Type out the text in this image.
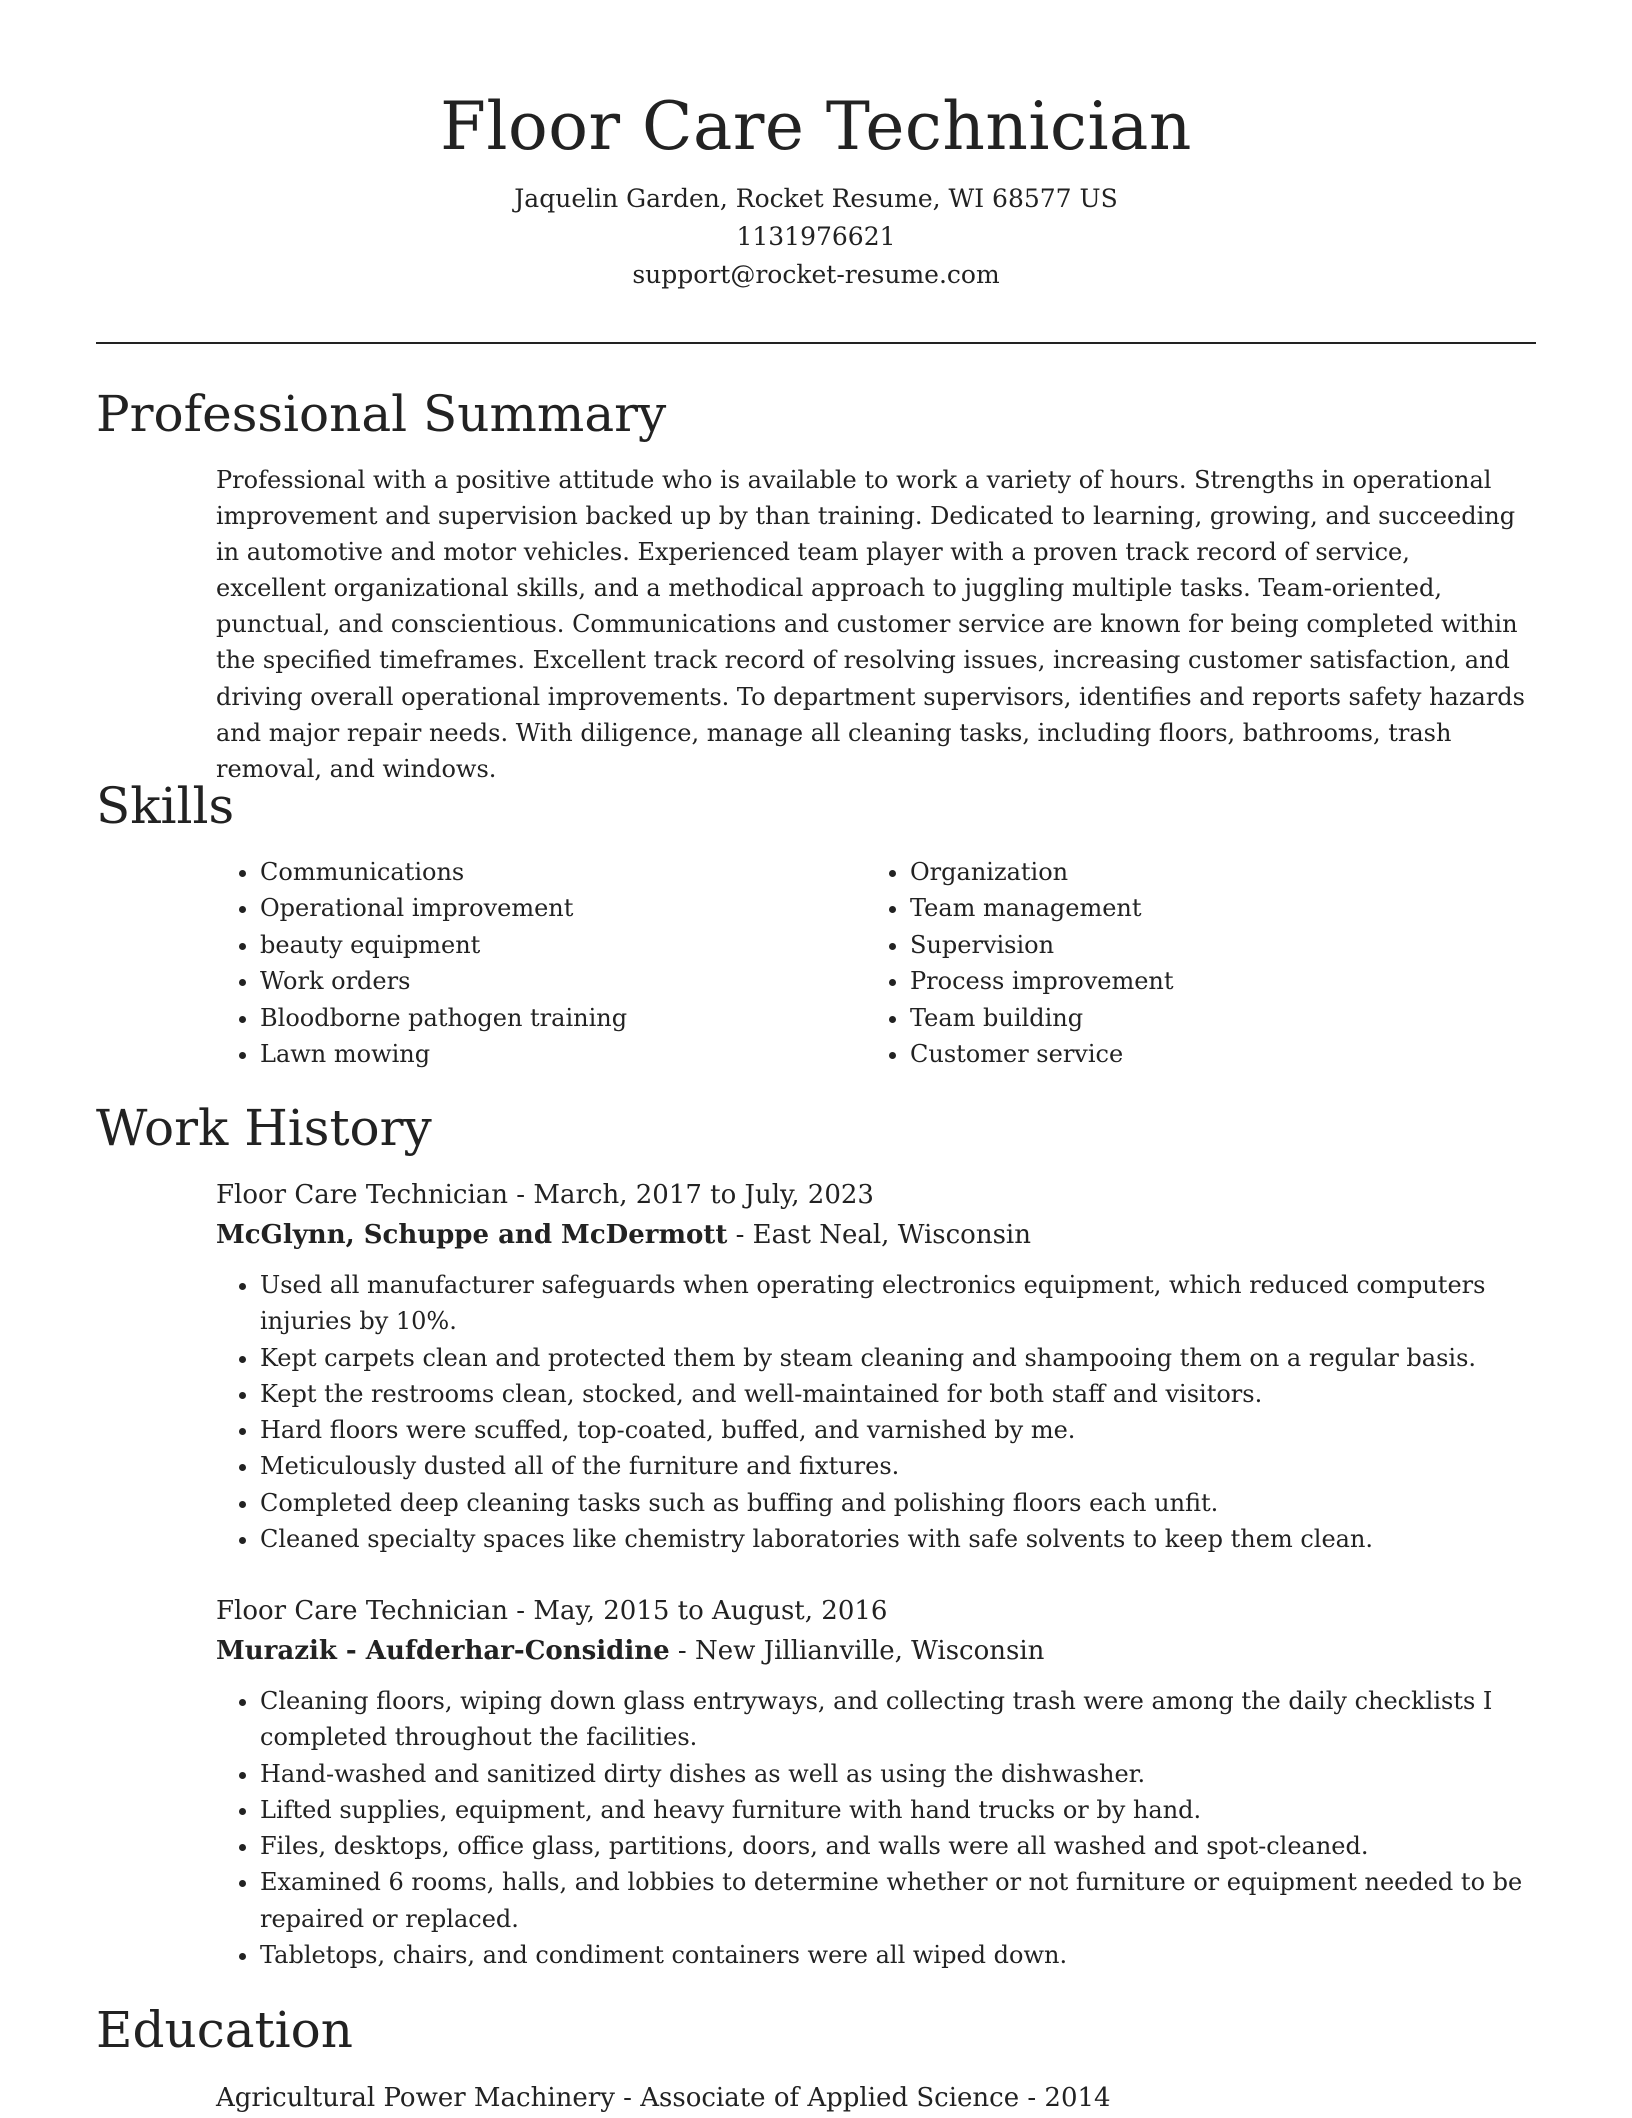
Floor Care Technician
Jaquelin Garden, Rocket Resume, WI 68577 US
1131976621
support@rocket-resume.com
Professional Summary
Professional with a positive attitude who is available to work a variety of hours. Strengths in operational improvement and supervision backed up by than training. Dedicated to learning, growing, and succeeding in automotive and motor vehicles. Experienced team player with a proven track record of service, excellent organizational skills, and a methodical approach to juggling multiple tasks. Team-oriented, punctual, and conscientious. Communications and customer service are known for being completed within the specified timeframes. Excellent track record of resolving issues, increasing customer satisfaction, and driving overall operational improvements. To department supervisors, identifies and reports safety hazards and major repair needs. With diligence, manage all cleaning tasks, including floors, bathrooms, trash removal, and windows.
Skills
• Communications
• Operational improvement
• beauty equipment
• Work orders
• Bloodborne pathogen training
• Lawn mowing
• Organization
• Team management
• Supervision
• Process improvement
• Team building
• Customer service
Work History
Floor Care Technician - March, 2017 to July, 2023
McGlynn, Schuppe and McDermott - East Neal, Wisconsin
• Used all manufacturer safeguards when operating electronics equipment, which reduced computers injuries by 10%.
• Kept carpets clean and protected them by steam cleaning and shampooing them on a regular basis.
• Kept the restrooms clean, stocked, and well-maintained for both staff and visitors.
• Hard floors were scuffed, top-coated, buffed, and varnished by me.
• Meticulously dusted all of the furniture and fixtures.
• Completed deep cleaning tasks such as buffing and polishing floors each unfit.
• Cleaned specialty spaces like chemistry laboratories with safe solvents to keep them clean.
Floor Care Technician - May, 2015 to August, 2016
Murazik - Aufderhar-Considine - New Jillianville, Wisconsin
• Cleaning floors, wiping down glass entryways, and collecting trash were among the daily checklists I completed throughout the facilities.
• Hand-washed and sanitized dirty dishes as well as using the dishwasher.
• Lifted supplies, equipment, and heavy furniture with hand trucks or by hand.
• Files, desktops, office glass, partitions, doors, and walls were all washed and spot-cleaned.
• Examined 6 rooms, halls, and lobbies to determine whether or not furniture or equipment needed to be repaired or replaced.
• Tabletops, chairs, and condiment containers were all wiped down.
Education
Agricultural Power Machinery - Associate of Applied Science - 2014
